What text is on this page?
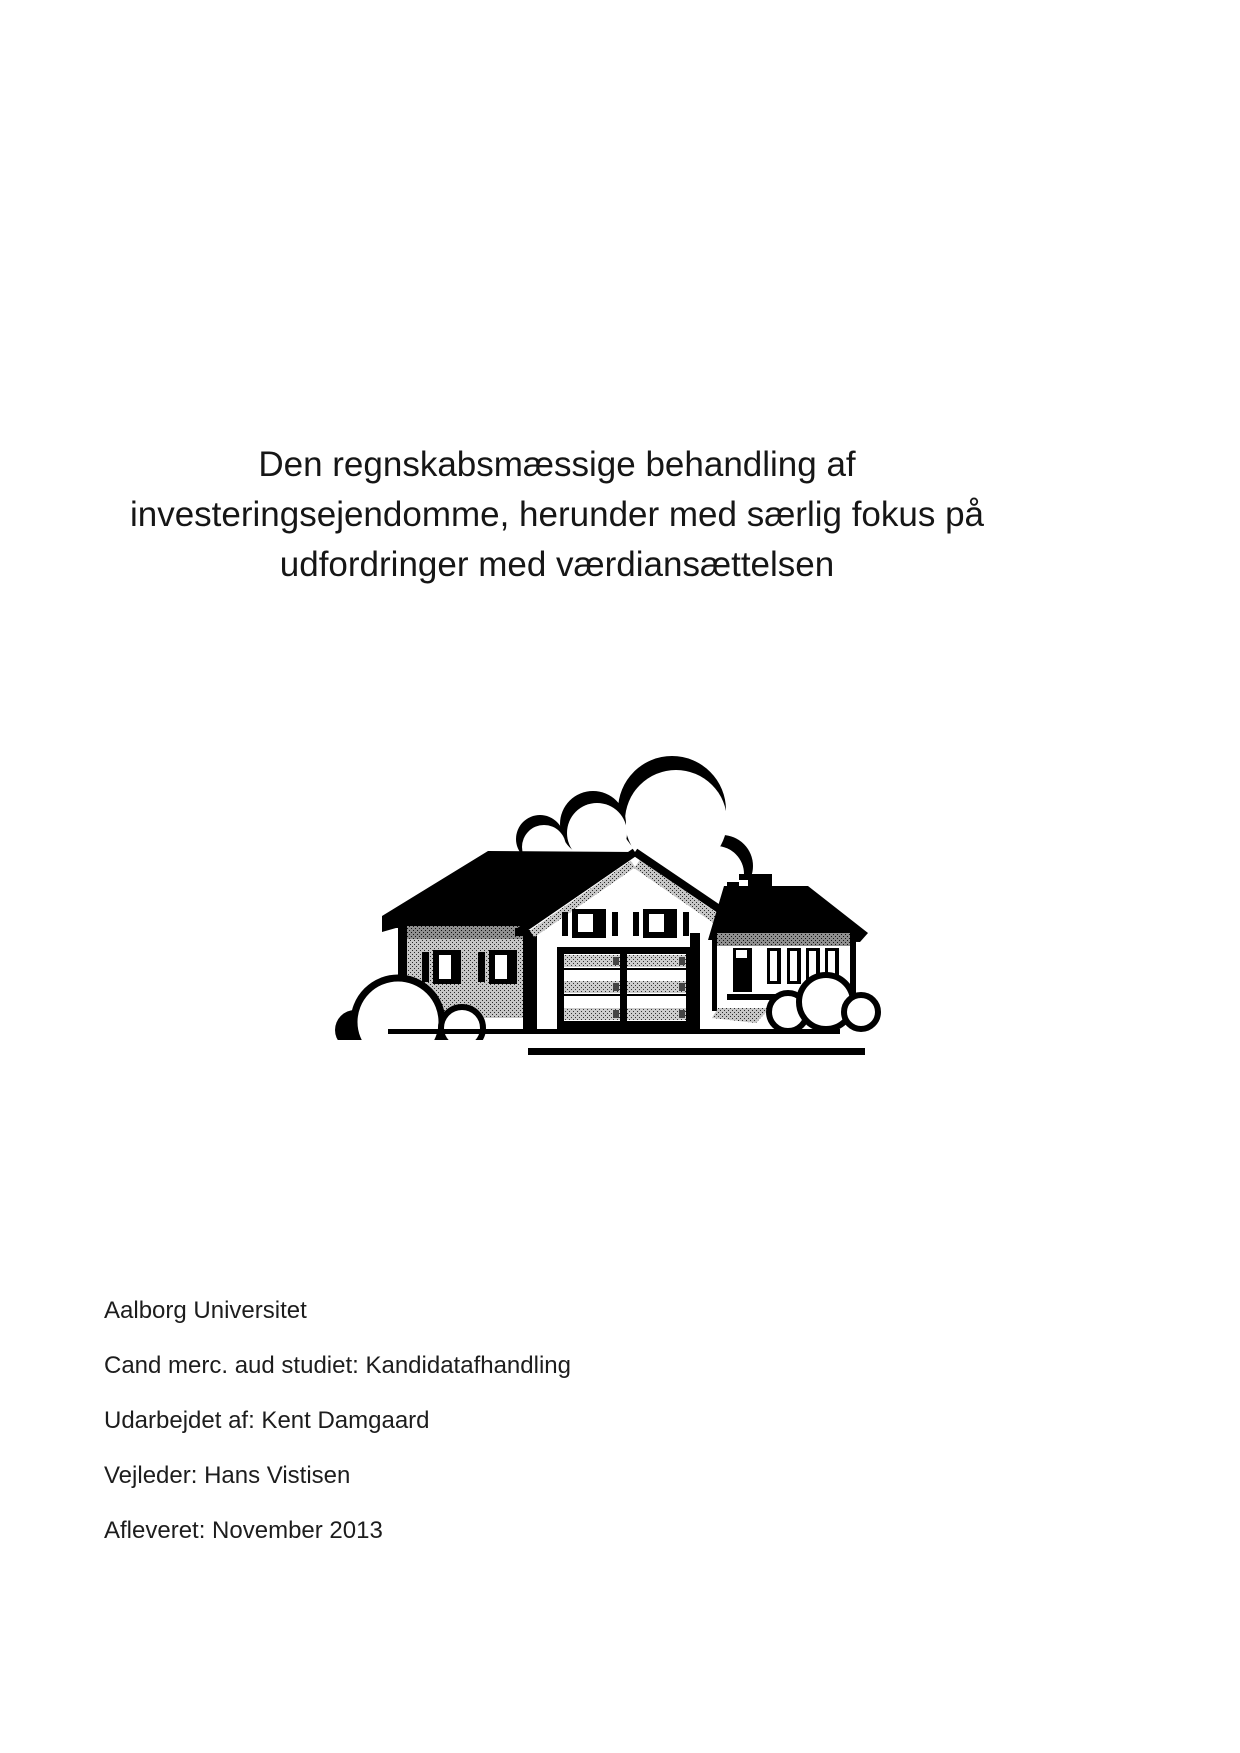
Den regnskabsmæssige behandling af
investeringsejendomme, herunder med særlig fokus på
udfordringer med værdiansættelsen
Aalborg Universitet
Cand merc. aud studiet: Kandidatafhandling
Udarbejdet af: Kent Damgaard
Vejleder: Hans Vistisen
Afleveret: November 2013
